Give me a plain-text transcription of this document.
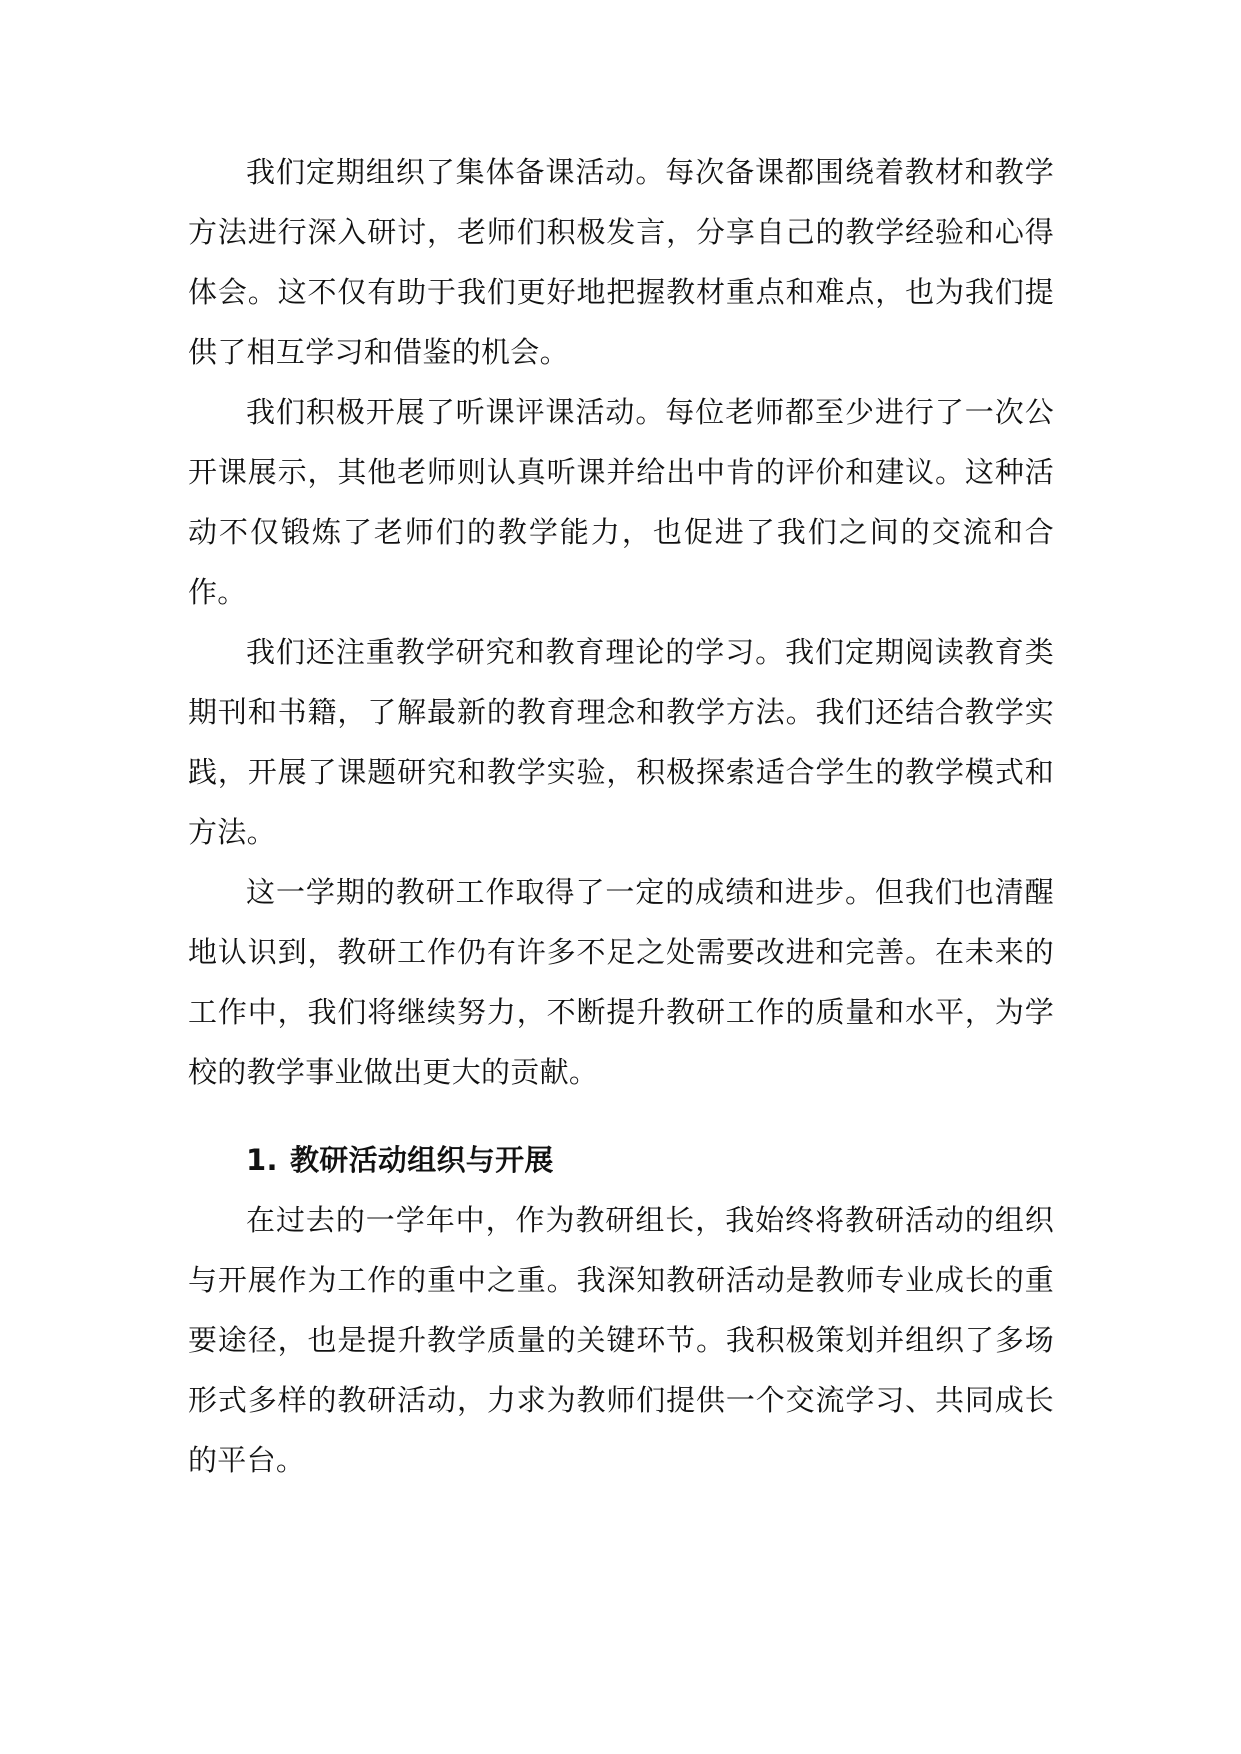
我们定期组织了集体备课活动。每次备课都围绕着教材和教学方法进行深入研讨，老师们积极发言，分享自己的教学经验和心得体会。这不仅有助于我们更好地把握教材重点和难点，也为我们提供了相互学习和借鉴的机会。

我们积极开展了听课评课活动。每位老师都至少进行了一次公开课展示，其他老师则认真听课并给出中肯的评价和建议。这种活动不仅锻炼了老师们的教学能力，也促进了我们之间的交流和合作。

我们还注重教学研究和教育理论的学习。我们定期阅读教育类期刊和书籍，了解最新的教育理念和教学方法。我们还结合教学实践，开展了课题研究和教学实验，积极探索适合学生的教学模式和方法。

这一学期的教研工作取得了一定的成绩和进步。但我们也清醒地认识到，教研工作仍有许多不足之处需要改进和完善。在未来的工作中，我们将继续努力，不断提升教研工作的质量和水平，为学校的教学事业做出更大的贡献。

1. 教研活动组织与开展

在过去的一学年中，作为教研组长，我始终将教研活动的组织与开展作为工作的重中之重。我深知教研活动是教师专业成长的重要途径，也是提升教学质量的关键环节。我积极策划并组织了多场形式多样的教研活动，力求为教师们提供一个交流学习、共同成长的平台。
